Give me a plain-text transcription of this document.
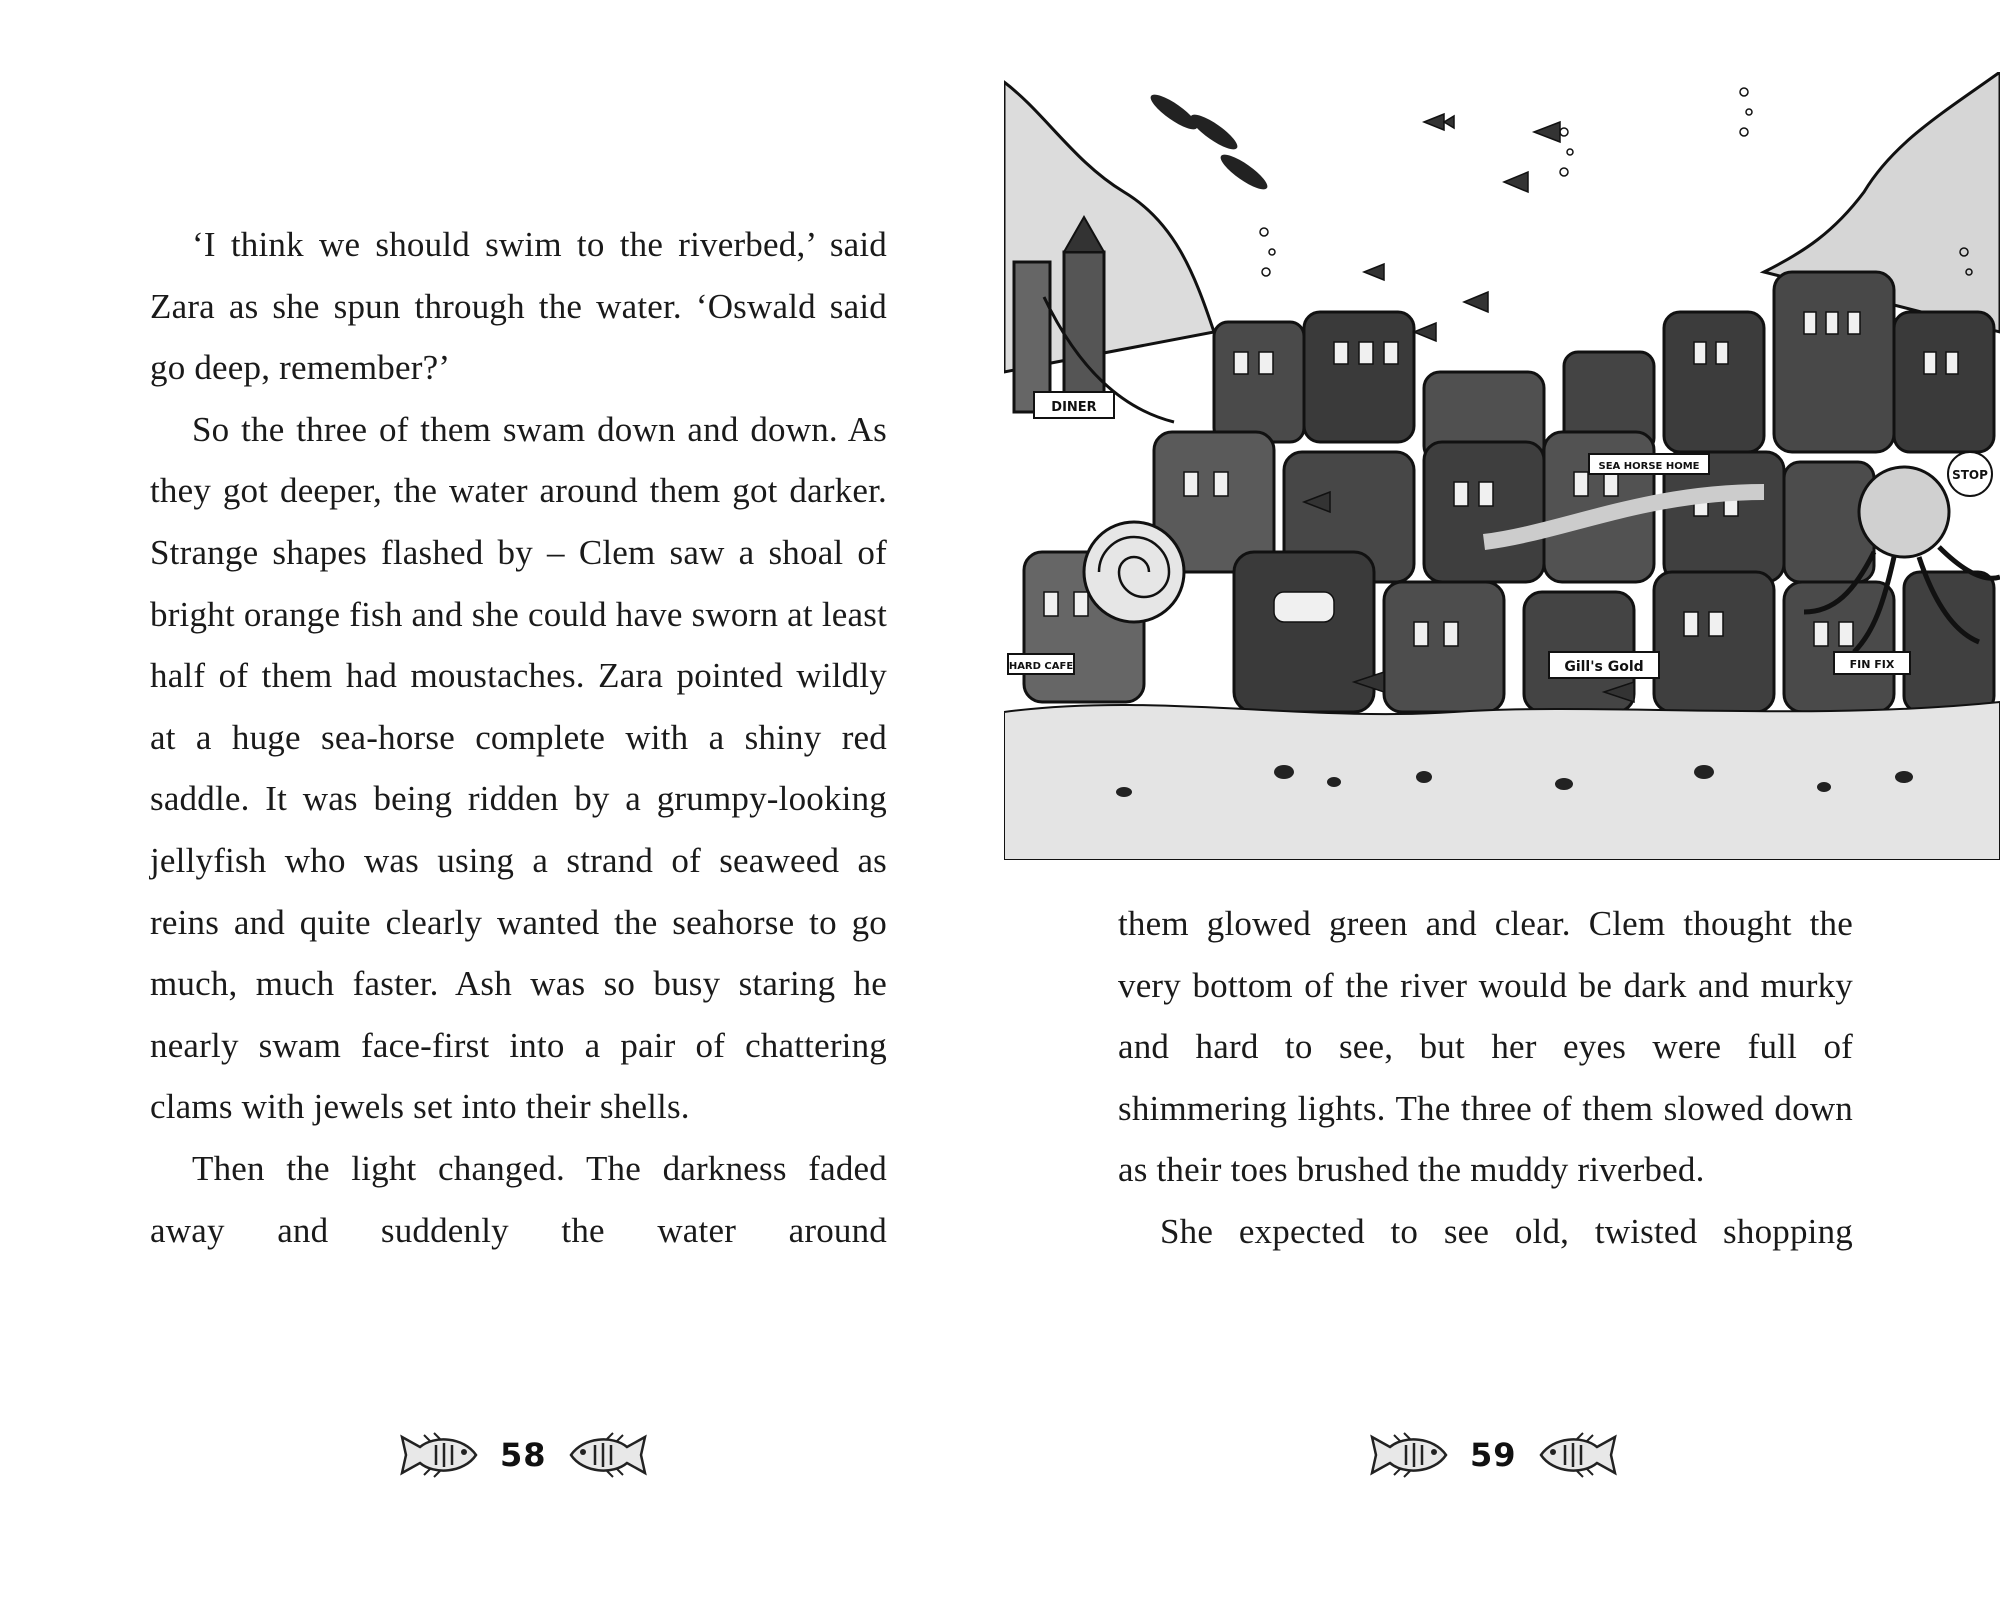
‘I think we should swim to the riverbed,’ said Zara as she spun through the water. ‘Oswald said go deep, remember?’

So the three of them swam down and down. As they got deeper, the water around them got darker. Strange shapes flashed by – Clem saw a shoal of bright orange fish and she could have sworn at least half of them had moustaches. Zara pointed wildly at a huge sea-horse complete with a shiny red saddle. It was being ridden by a grumpy-looking jellyfish who was using a strand of seaweed as reins and quite clearly wanted the seahorse to go much, much faster. Ash was so busy staring he nearly swam face-first into a pair of chattering clams with jewels set into their shells.

Then the light changed. The darkness faded away and suddenly the water around

58
DINER
SEA HORSE HOME
Gill's Gold	FIN FIX
STOP
HARD CAFE

them glowed green and clear. Clem thought the very bottom of the river would be dark and murky and hard to see, but her eyes were full of shimmering lights. The three of them slowed down as their toes brushed the muddy riverbed.

She expected to see old, twisted shopping

59
